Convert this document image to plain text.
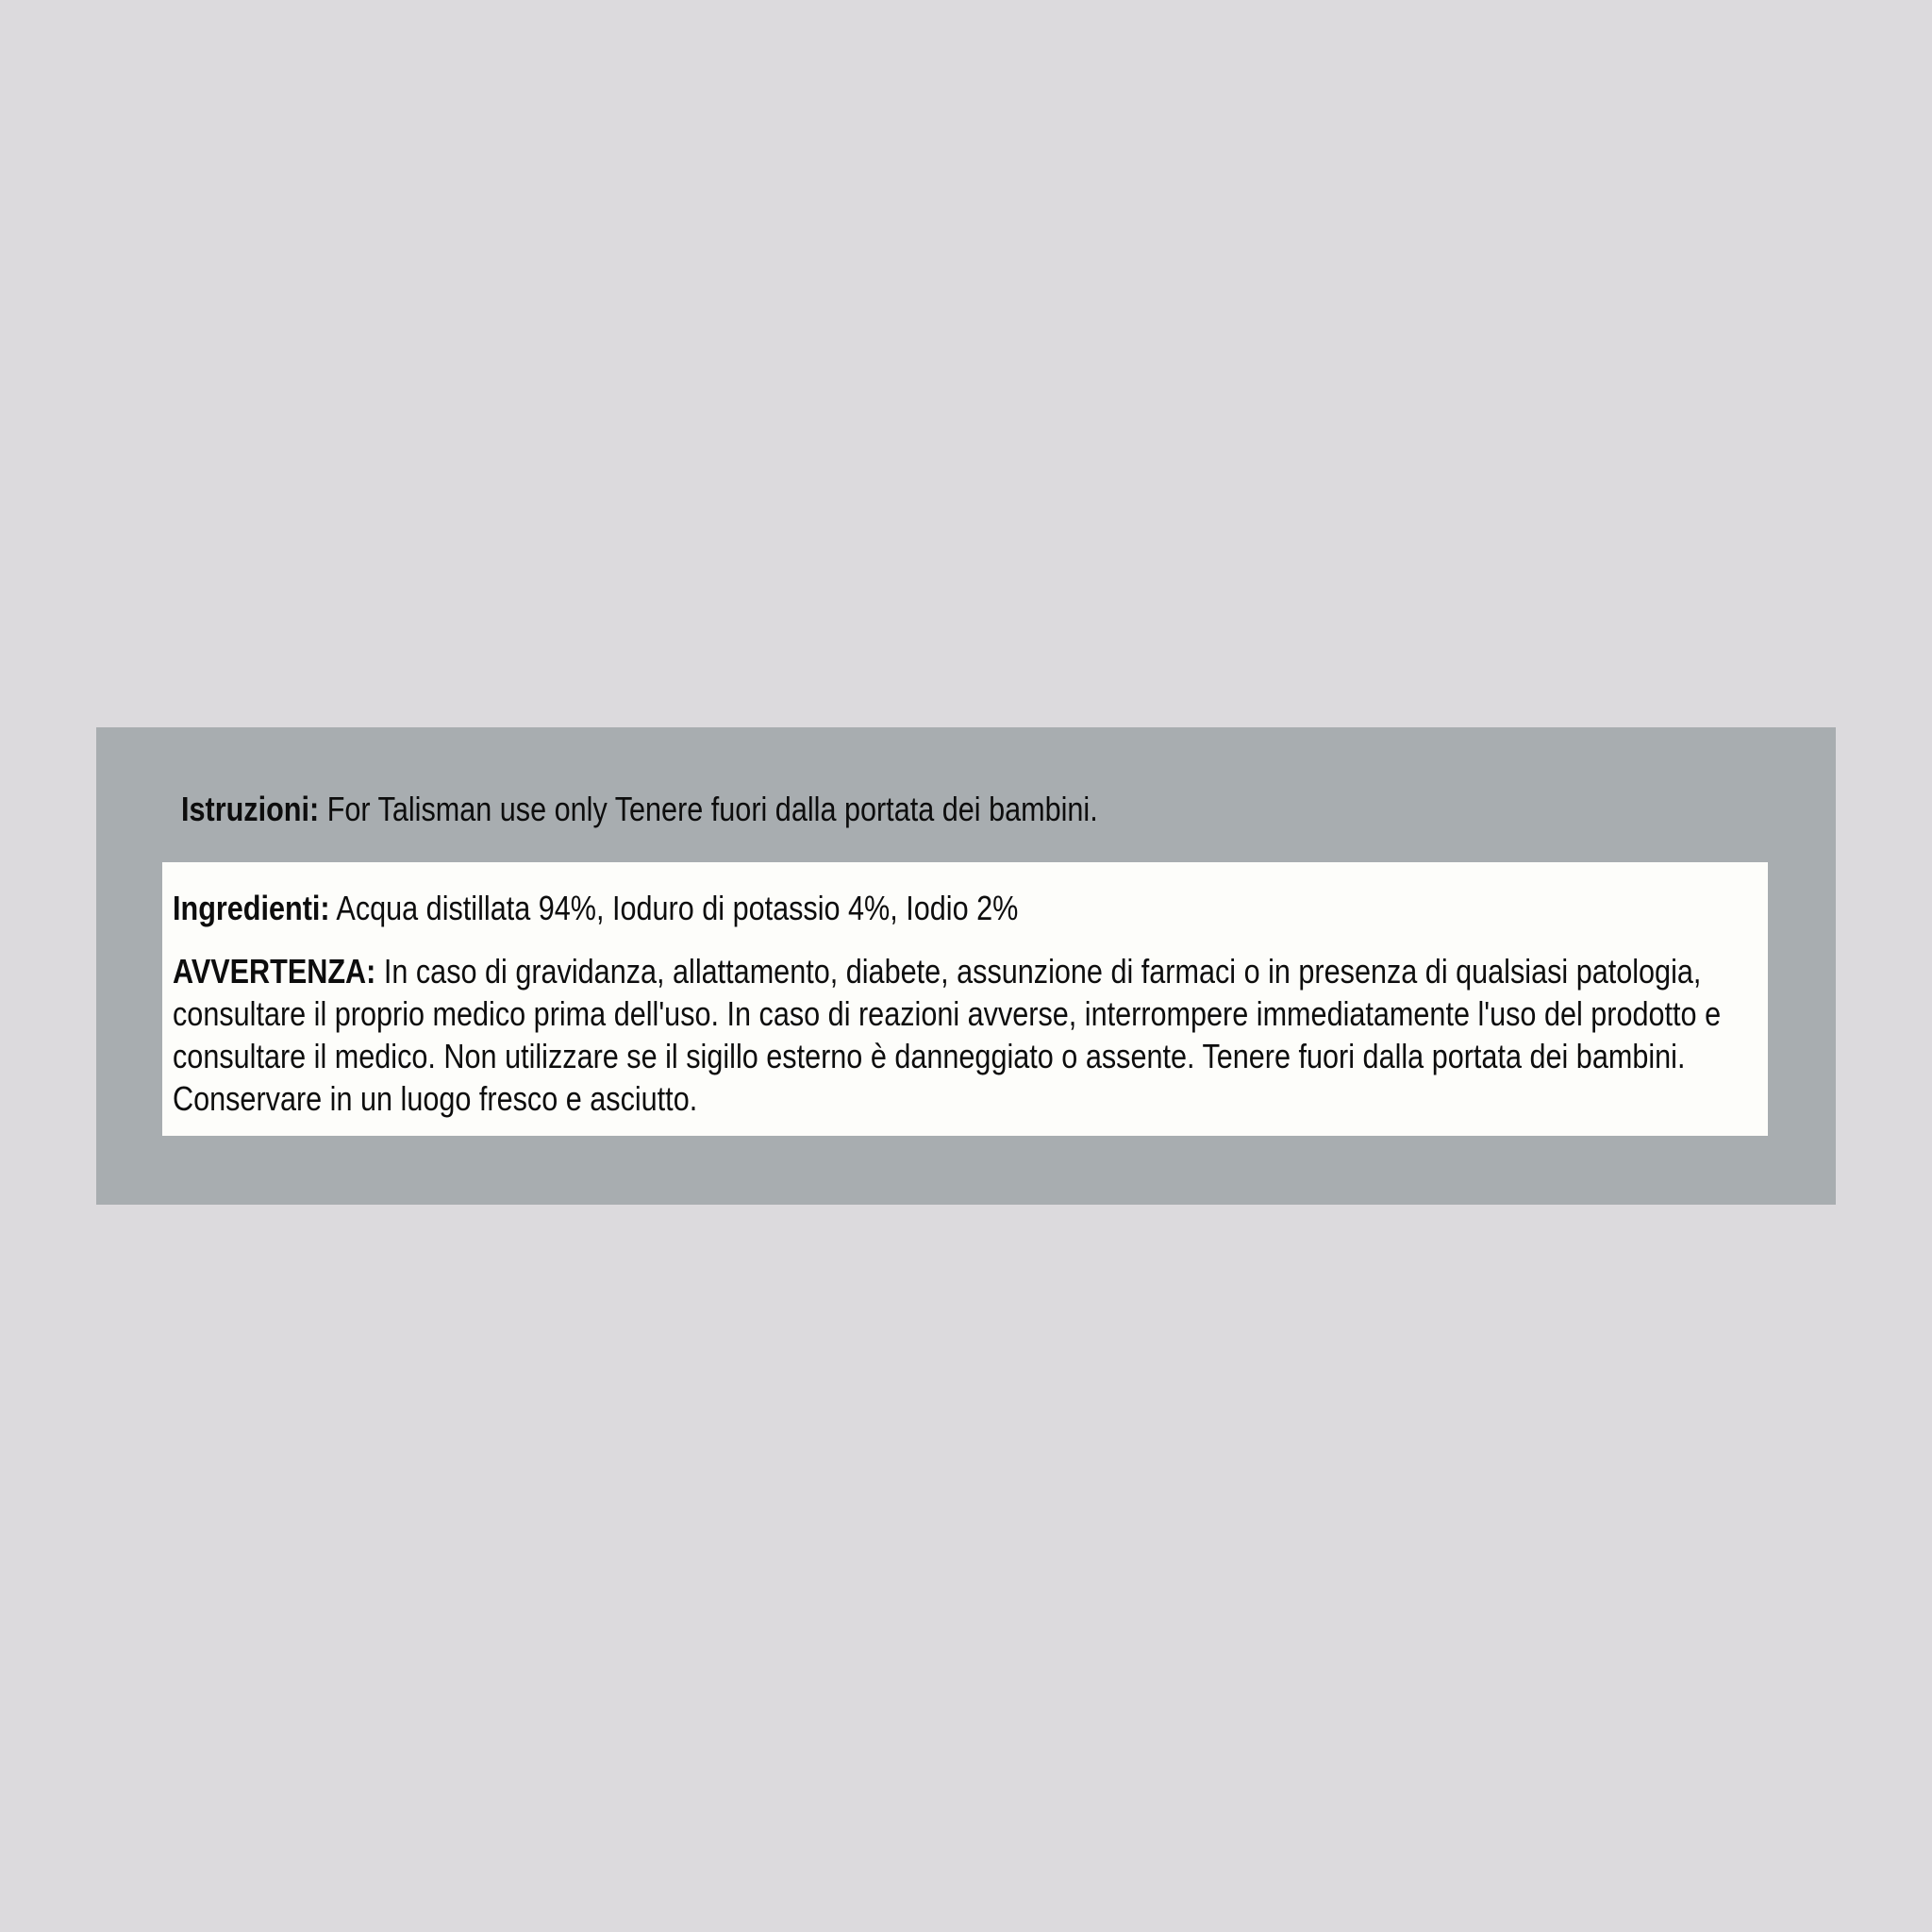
Istruzioni: For Talisman use only Tenere fuori dalla portata dei bambini.

Ingredienti: Acqua distillata 94%, Ioduro di potassio 4%, Iodio 2%

AVVERTENZA: In caso di gravidanza, allattamento, diabete, assunzione di farmaci o in presenza di qualsiasi patologia, consultare il proprio medico prima dell'uso. In caso di reazioni avverse, interrompere immediatamente l'uso del prodotto e consultare il medico. Non utilizzare se il sigillo esterno è danneggiato o assente. Tenere fuori dalla portata dei bambini. Conservare in un luogo fresco e asciutto.
